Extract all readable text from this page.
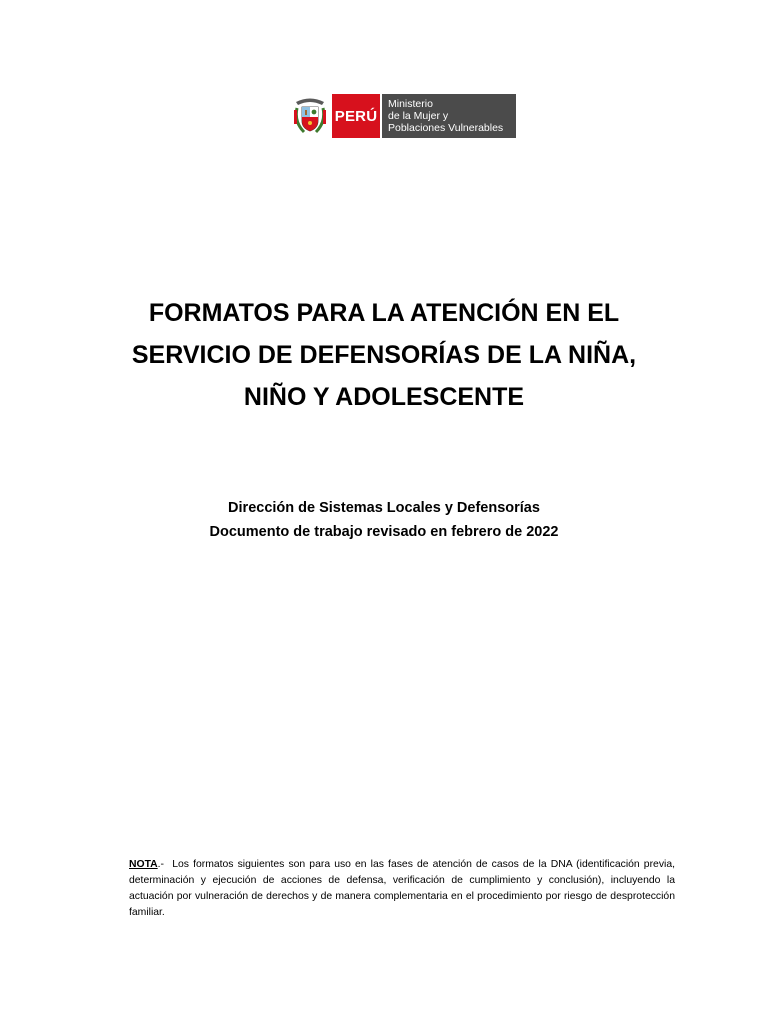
PERÚ
Ministerio
de la Mujer y
Poblaciones Vulnerables
FORMATOS PARA LA ATENCIÓN EN EL
SERVICIO DE DEFENSORÍAS DE LA NIÑA,
NIÑO Y ADOLESCENTE
Dirección de Sistemas Locales y Defensorías
Documento de trabajo revisado en febrero de 2022
NOTA.- Los formatos siguientes son para uso en las fases de atención de casos de la DNA (identificación previa, determinación y ejecución de acciones de defensa, verificación de cumplimiento y conclusión), incluyendo la actuación por vulneración de derechos y de manera complementaria en el procedimiento por riesgo de desprotección familiar.
